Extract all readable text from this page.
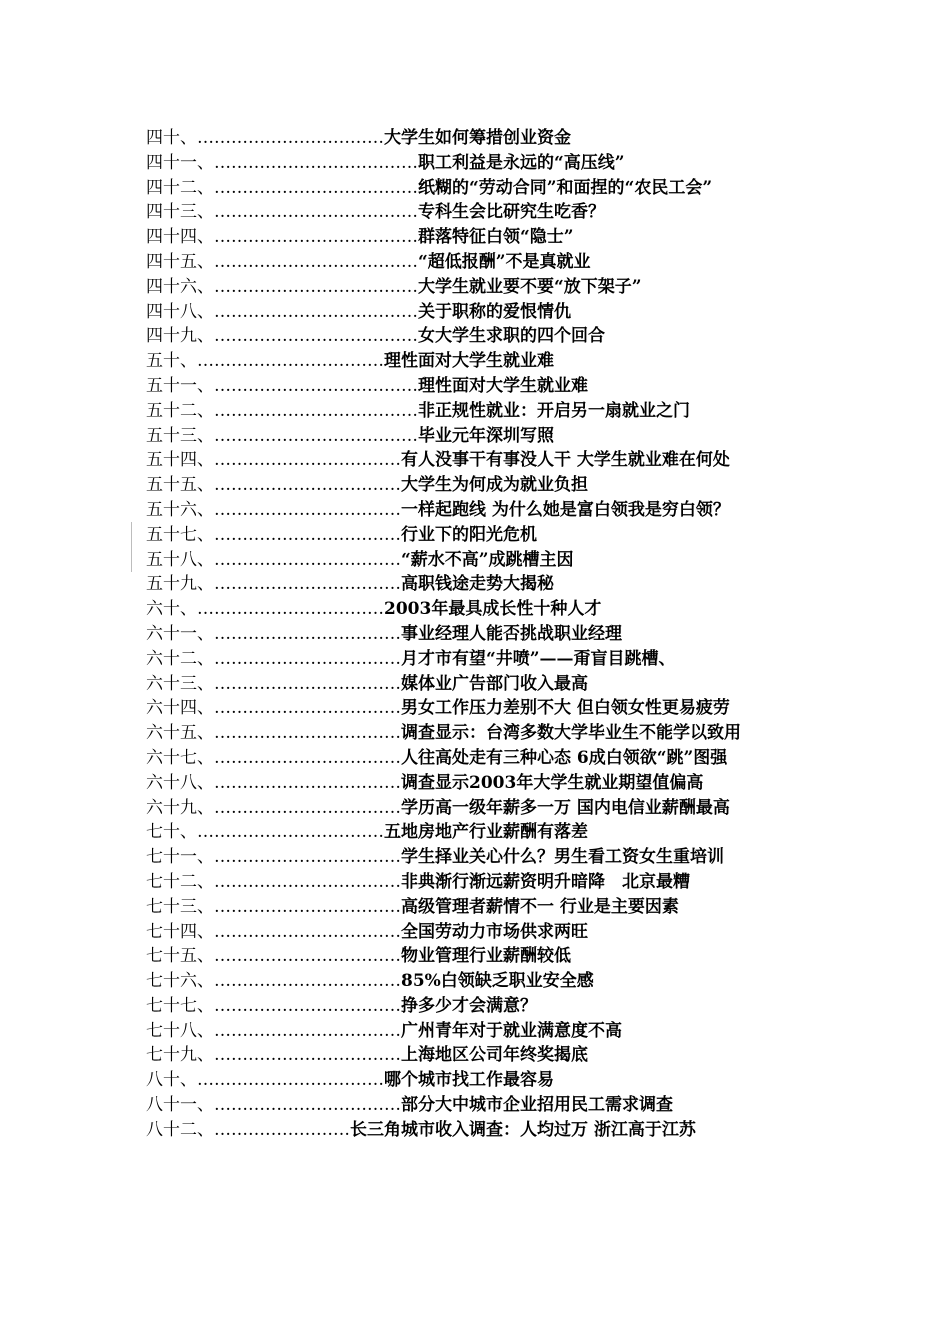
四十、……………………………大学生如何筹措创业资金
四十一、………………………………职工利益是永远的“高压线”
四十二、………………………………纸糊的“劳动合同”和面捏的“农民工会”
四十三、………………………………专科生会比研究生吃香？
四十四、………………………………群落特征白领“隐士”
四十五、………………………………“超低报酬”不是真就业
四十六、………………………………大学生就业要不要“放下架子”
四十八、………………………………关于职称的爱恨情仇
四十九、………………………………女大学生求职的四个回合
五十、……………………………理性面对大学生就业难
五十一、………………………………理性面对大学生就业难
五十二、………………………………非正规性就业：开启另一扇就业之门
五十三、………………………………毕业元年深圳写照
五十四、……………………………有人没事干有事没人干 大学生就业难在何处
五十五、……………………………大学生为何成为就业负担
五十六、……………………………一样起跑线 为什么她是富白领我是穷白领？
五十七、……………………………行业下的阳光危机
五十八、……………………………“薪水不高”成跳槽主因
五十九、……………………………高职钱途走势大揭秘
六十、……………………………2003年最具成长性十种人才
六十一、……………………………事业经理人能否挑战职业经理
六十二、……………………………月才市有望“井喷”——甭盲目跳槽、
六十三、……………………………媒体业广告部门收入最高
六十四、……………………………男女工作压力差别不大 但白领女性更易疲劳
六十五、……………………………调查显示：台湾多数大学毕业生不能学以致用
六十七、……………………………人往高处走有三种心态 6成白领欲“跳”图强
六十八、……………………………调查显示2003年大学生就业期望值偏高
六十九、……………………………学历高一级年薪多一万 国内电信业薪酬最高
七十、……………………………五地房地产行业薪酬有落差
七十一、……………………………学生择业关心什么？男生看工资女生重培训
七十二、……………………………非典渐行渐远薪资明升暗降　北京最糟
七十三、……………………………高级管理者薪情不一 行业是主要因素
七十四、……………………………全国劳动力市场供求两旺
七十五、……………………………物业管理行业薪酬较低
七十六、……………………………85%白领缺乏职业安全感
七十七、……………………………挣多少才会满意？
七十八、……………………………广州青年对于就业满意度不高
七十九、……………………………上海地区公司年终奖揭底
八十、……………………………哪个城市找工作最容易
八十一、……………………………部分大中城市企业招用民工需求调查
八十二、……………………长三角城市收入调查：人均过万 浙江高于江苏
